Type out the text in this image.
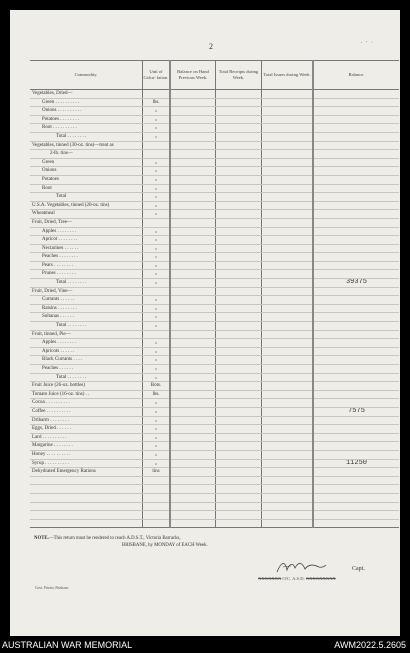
2	· ⸱ ·
Commodity.	Unit of Calcu- lation.	Balance on Hand Previous Week.	Total Receipts during Week.	Total Issues during Week.	Balance.
Vegetables, Dried—					
Green . . . . . . . . . .	lbs.				
Onions . . . . . . . . . .	„				
Potatoes . . . . . . . .	„				
Root . . . . . . . . . .	„				
Total . . . . . . . .	„				
Vegetables, tinned (30-oz. tins)—treat as					
2-lb. tins—					
Green	„				
Onions	„				
Potatoes	„				
Root	„				
Total	„				
U.S.A. Vegetables, tinned (20-oz. tins)	„				
Wheatmeal	„				
Fruit, Dried, Tree—					
Apples . . . . . . . .	„				
Apricot . . . . . . . .	„				
Nectarines . . . . . .	„				
Peaches . . . . . . . .	„				
Pears . . . . . . . .	„				
Prunes . . . . . . . .	„				
Total . . . . . . . .	„				39375
Fruit, Dried, Vine—					
Currants . . . . . .	„				
Raisins . . . . . . . .	„				
Sultanas . . . . . .	„				
Total . . . . . . . .	„				
Fruit, tinned, Pie—					
Apples . . . . . . . .	„				
Apricots . . . . . .	„				
Black Currants . . . .	„				
Peaches . . . . . .	„				
Total . . . . . . . .	„				
Fruit Juice (26-oz. bottles)	Bots.				
Tomato Juice (16-oz. tins) . .	lbs.				
Cocoa . . . . . . . . . .	„				
Coffee . . . . . . . . . .	„				7575
Dribarm . . . . . . . .	„				
Eggs, Dried . . . . . .	„				
Lard . . . . . . . . . .	„				
Margarine . . . . . . . .	„				
Honey . . . . . . . . . .	„				
Syrup . . . . . . . . . .	„				11250
Dehydrated Emergency Rations	tins				

NOTE.—This return must be rendered to reach A.D.S.T., Victoria Barracks,
BRISBANE, by MONDAY of EACH Week.
Govt. Printer, Brisbane.
Capt.
XXXXXXX O/C. A.S.D. XXXXXXXXX
AUSTRALIAN WAR MEMORIAL	AWM2022.5.2605
